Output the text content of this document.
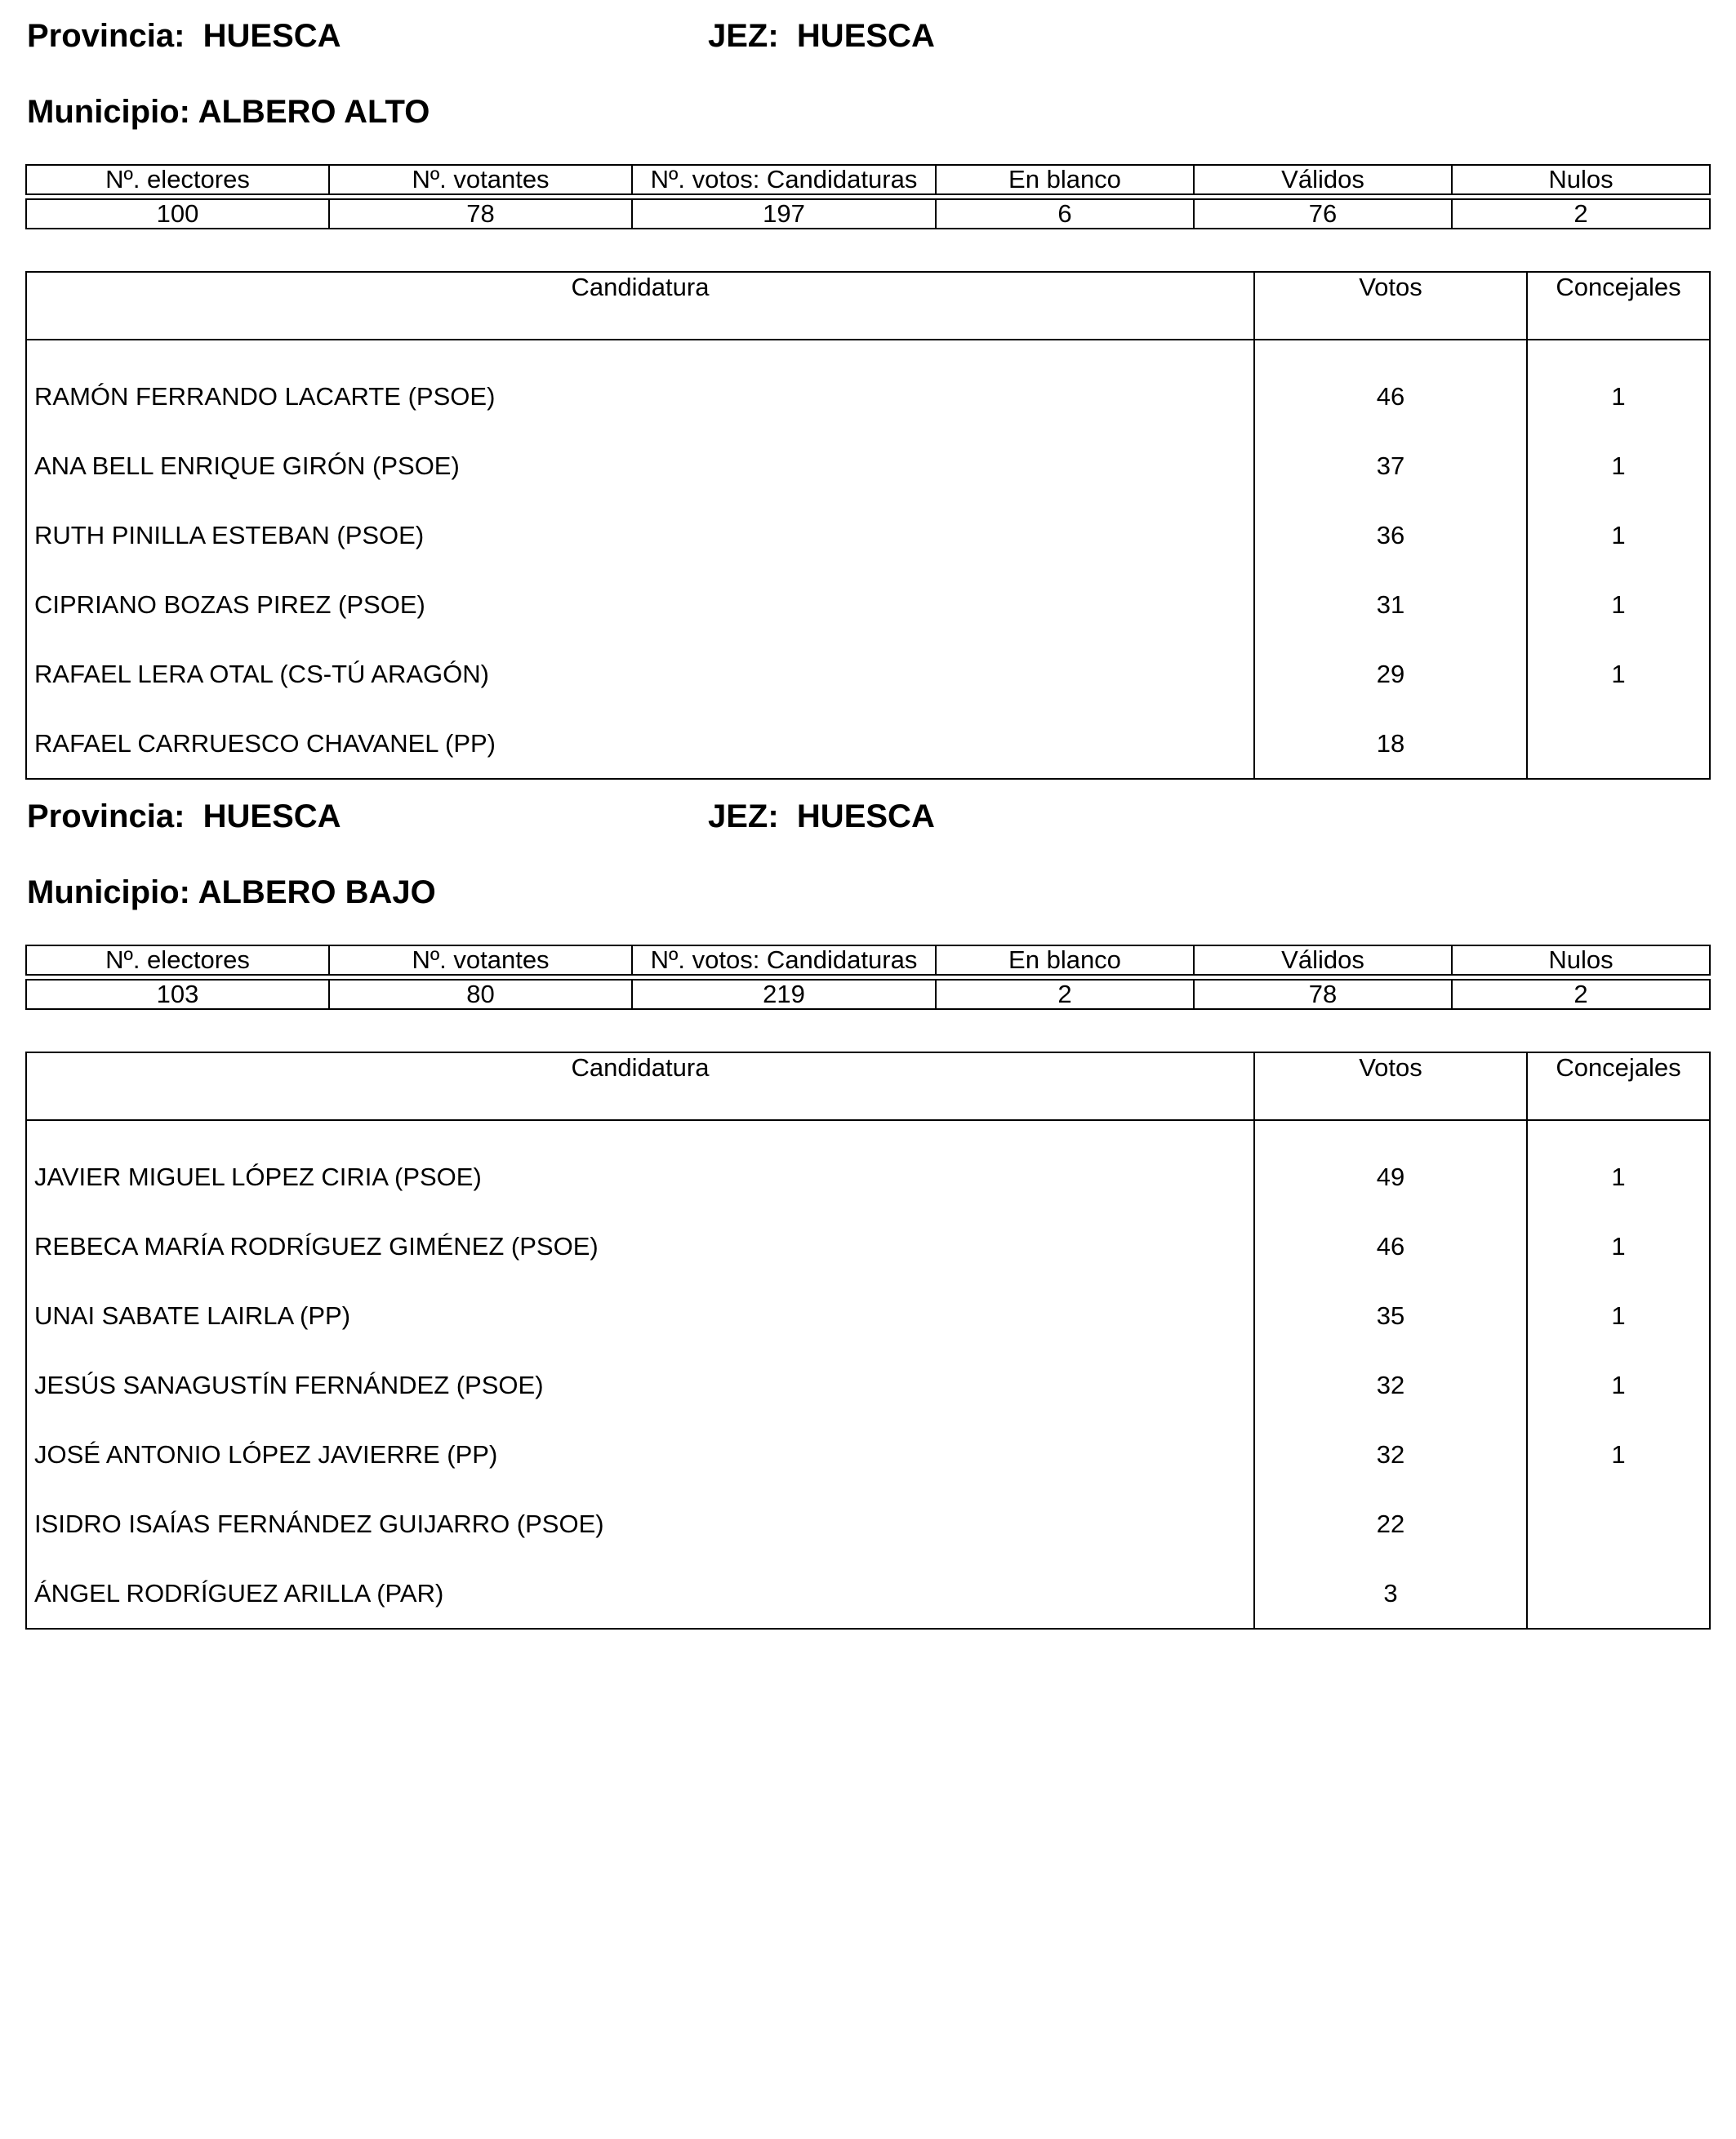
Provincia: HUESCA	JEZ: HUESCA
Municipio: ALBERO ALTO
Nº. electores	Nº. votantes	Nº. votos: Candidaturas	En blanco	Válidos	Nulos

100	78	197	6	76	2
Candidatura	Votos	Concejales
RAMÓN FERRANDO LACARTE (PSOE)	46	1
ANA BELL ENRIQUE GIRÓN (PSOE)	37	1
RUTH PINILLA ESTEBAN (PSOE)	36	1
CIPRIANO BOZAS PIREZ (PSOE)	31	1
RAFAEL LERA OTAL (CS-TÚ ARAGÓN)	29	1
RAFAEL CARRUESCO CHAVANEL (PP)	18	
Provincia: HUESCA	JEZ: HUESCA
Municipio: ALBERO BAJO
Nº. electores	Nº. votantes	Nº. votos: Candidaturas	En blanco	Válidos	Nulos

103	80	219	2	78	2
Candidatura	Votos	Concejales
JAVIER MIGUEL LÓPEZ CIRIA (PSOE)	49	1
REBECA MARÍA RODRÍGUEZ GIMÉNEZ (PSOE)	46	1
UNAI SABATE LAIRLA (PP)	35	1
JESÚS SANAGUSTÍN FERNÁNDEZ (PSOE)	32	1
JOSÉ ANTONIO LÓPEZ JAVIERRE (PP)	32	1
ISIDRO ISAÍAS FERNÁNDEZ GUIJARRO (PSOE)	22	
ÁNGEL RODRÍGUEZ ARILLA (PAR)	3	
